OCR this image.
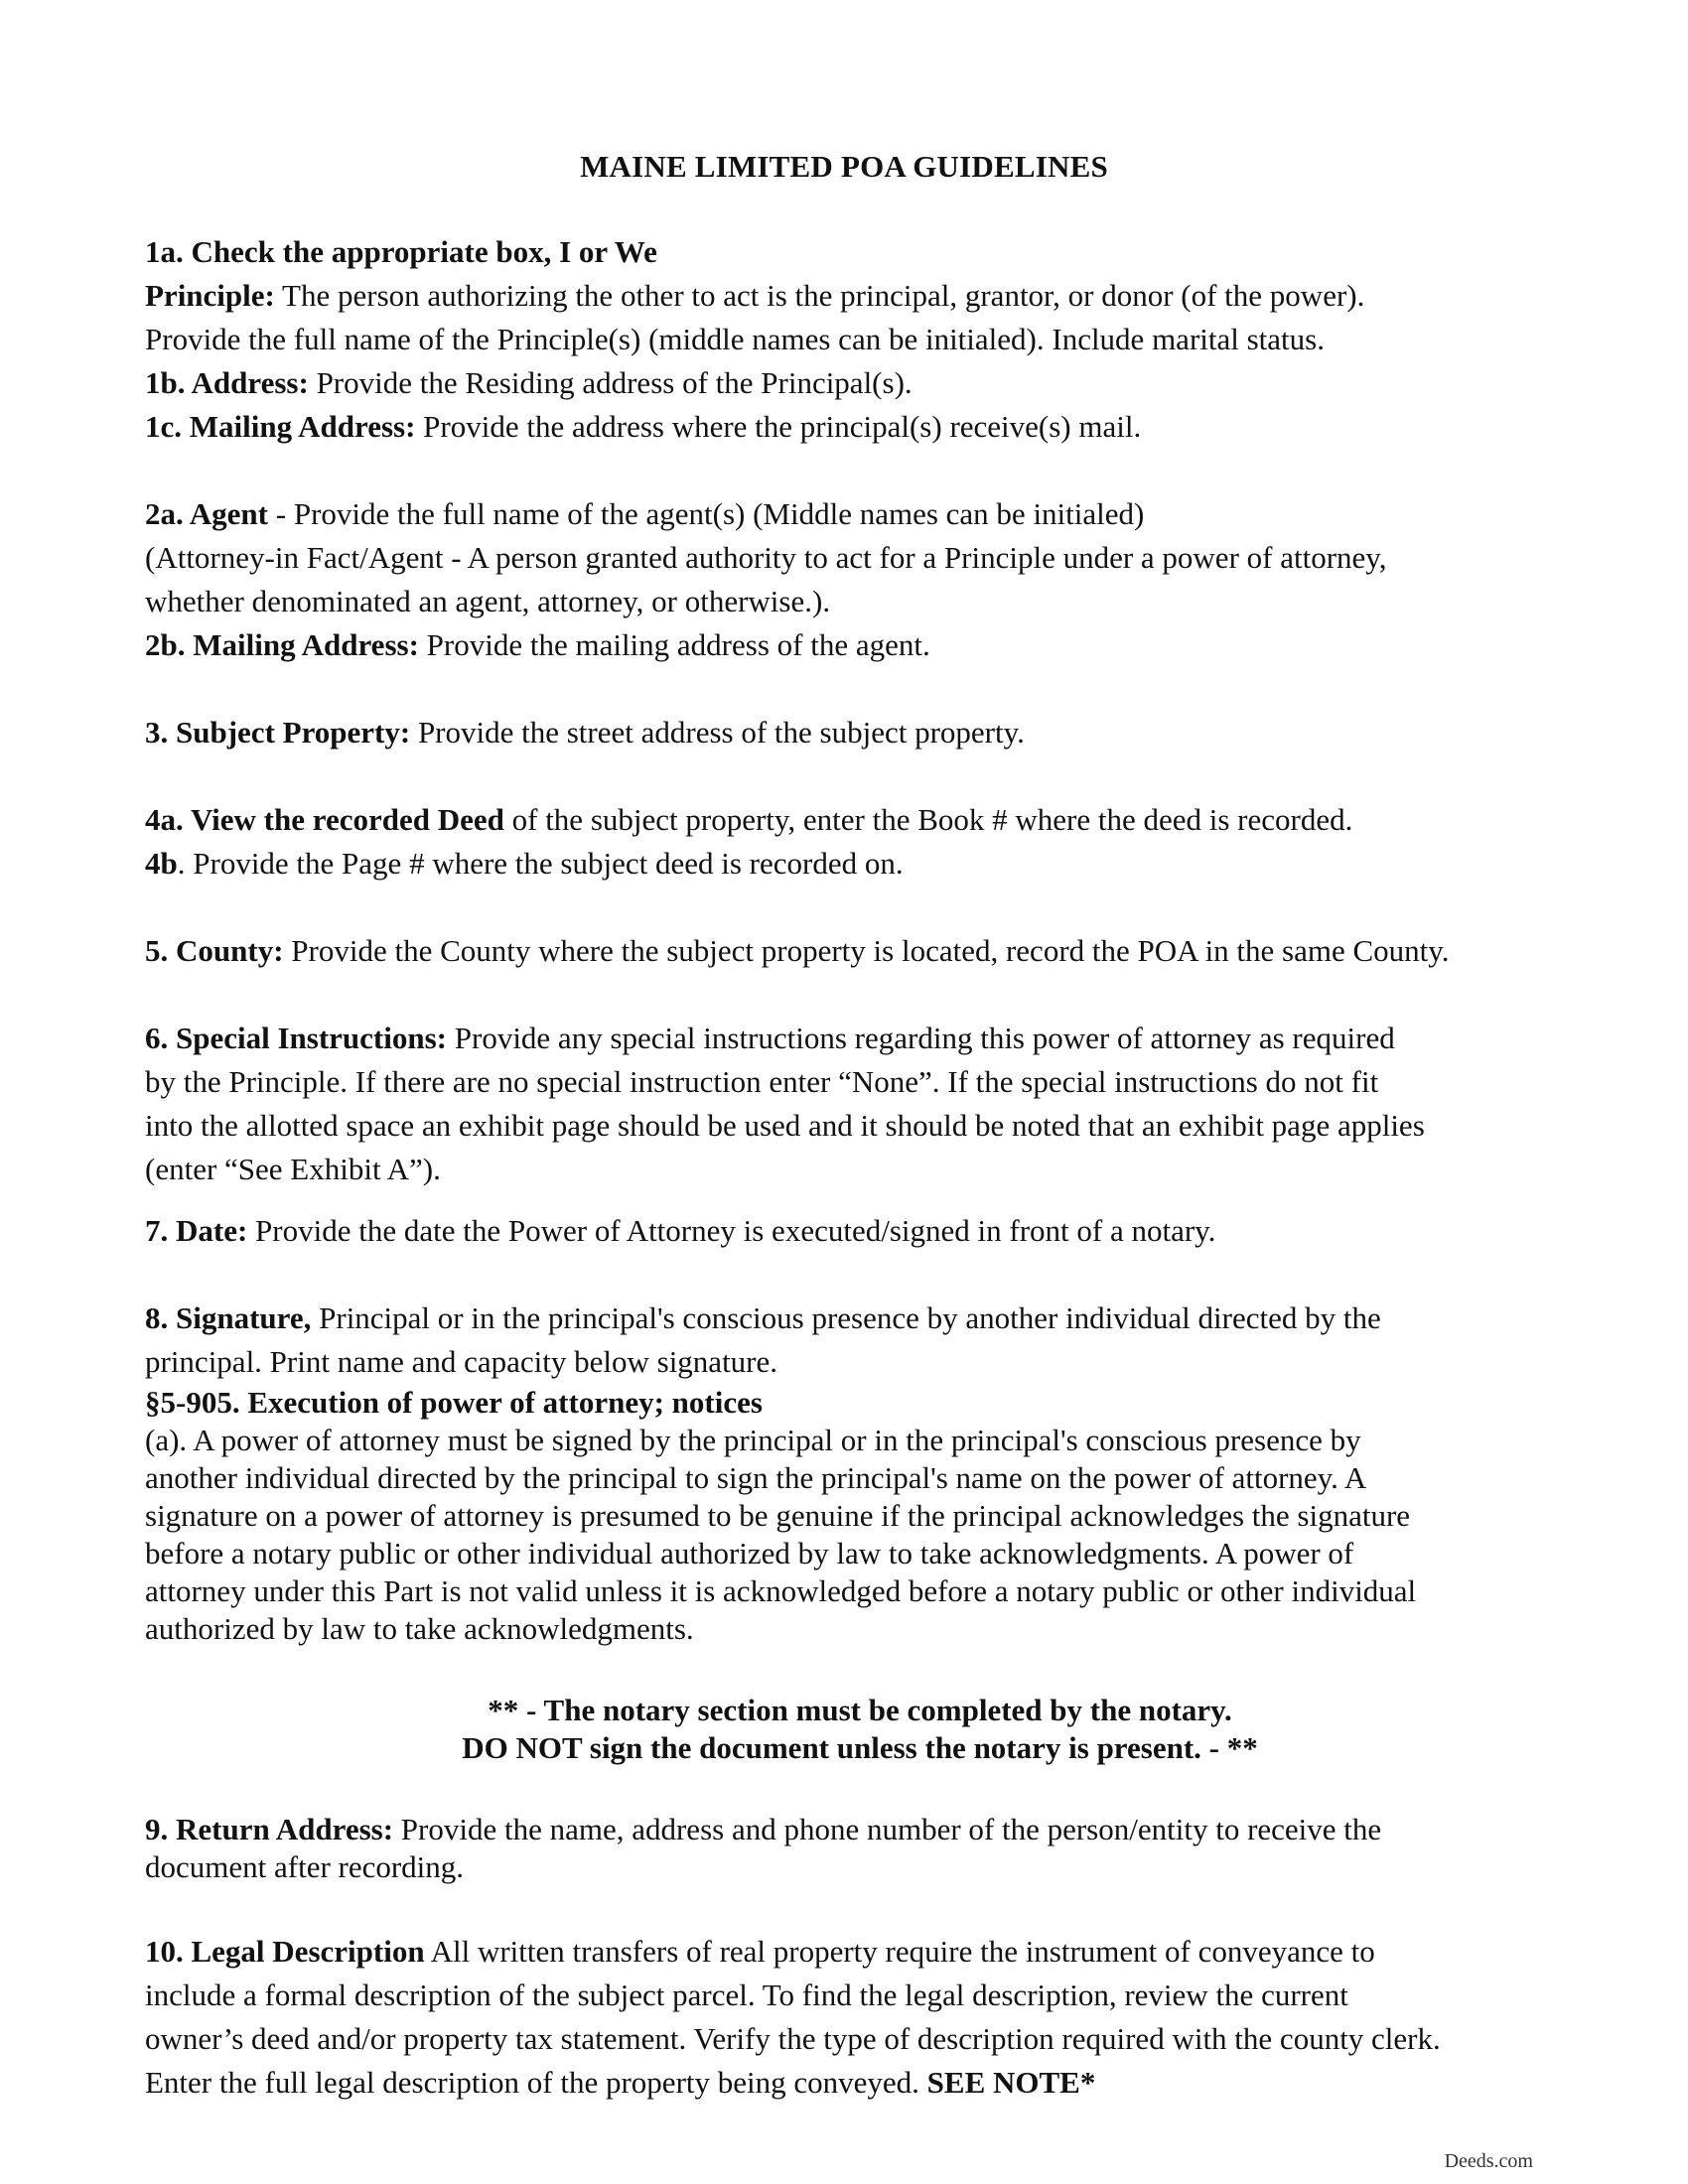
MAINE LIMITED POA GUIDELINES

1a. Check the appropriate box, I or We

Principle: The person authorizing the other to act is the principal, grantor, or donor (of the power).

Provide the full name of the Principle(s) (middle names can be initialed). Include marital status.

1b. Address: Provide the Residing address of the Principal(s).

1c. Mailing Address: Provide the address where the principal(s) receive(s) mail.

2a. Agent - Provide the full name of the agent(s) (Middle names can be initialed)

(Attorney-in Fact/Agent - A person granted authority to act for a Principle under a power of attorney,

whether denominated an agent, attorney, or otherwise.).

2b. Mailing Address: Provide the mailing address of the agent.

3. Subject Property: Provide the street address of the subject property.

4a. View the recorded Deed of the subject property, enter the Book # where the deed is recorded.

4b. Provide the Page # where the subject deed is recorded on.

5. County: Provide the County where the subject property is located, record the POA in the same County.

6. Special Instructions: Provide any special instructions regarding this power of attorney as required

by the Principle. If there are no special instruction enter “None”. If the special instructions do not fit

into the allotted space an exhibit page should be used and it should be noted that an exhibit page applies

(enter “See Exhibit A”).

7. Date: Provide the date the Power of Attorney is executed/signed in front of a notary.

8. Signature, Principal or in the principal's conscious presence by another individual directed by the

principal. Print name and capacity below signature.

§5-905. Execution of power of attorney; notices

(a). A power of attorney must be signed by the principal or in the principal's conscious presence by

another individual directed by the principal to sign the principal's name on the power of attorney. A

signature on a power of attorney is presumed to be genuine if the principal acknowledges the signature

before a notary public or other individual authorized by law to take acknowledgments. A power of

attorney under this Part is not valid unless it is acknowledged before a notary public or other individual

authorized by law to take acknowledgments.

** - The notary section must be completed by the notary.

DO NOT sign the document unless the notary is present. - **

9. Return Address: Provide the name, address and phone number of the person/entity to receive the

document after recording.

10. Legal Description All written transfers of real property require the instrument of conveyance to

include a formal description of the subject parcel. To find the legal description, review the current

owner’s deed and/or property tax statement. Verify the type of description required with the county clerk.

Enter the full legal description of the property being conveyed. SEE NOTE*

Deeds.com
